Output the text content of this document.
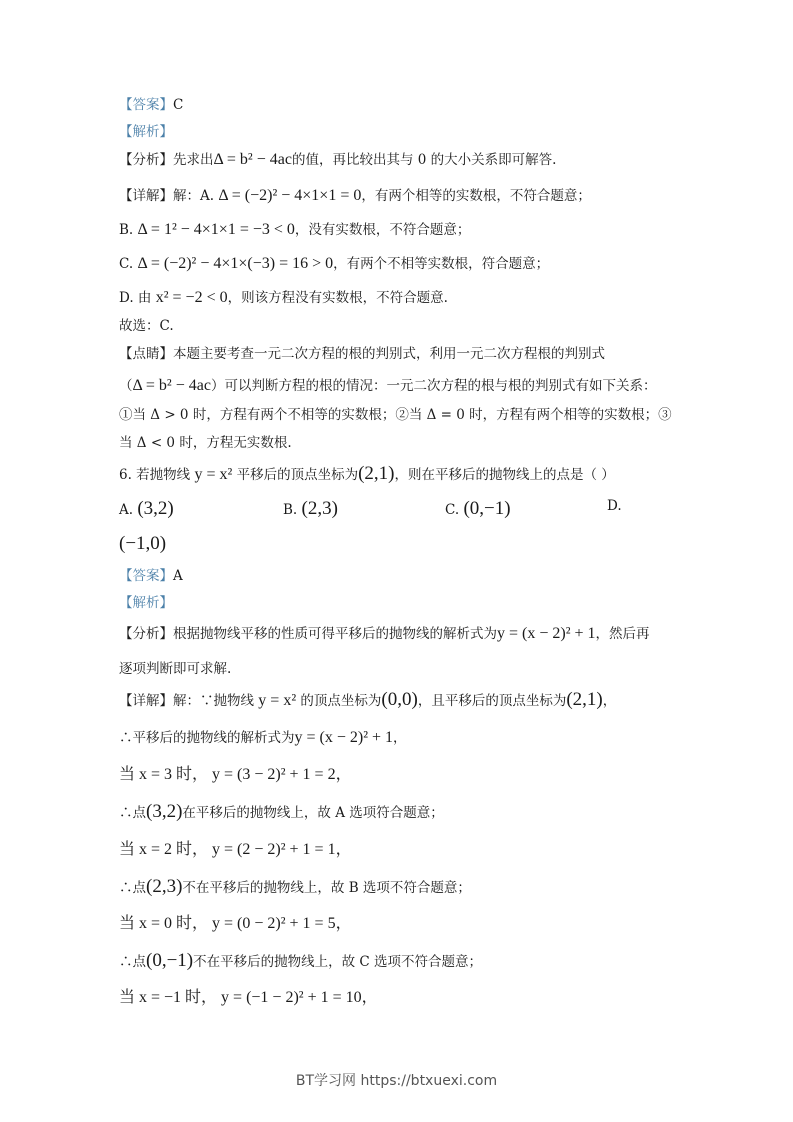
【答案】C
【解析】
【分析】先求出Δ = b² − 4ac的值，再比较出其与 0 的大小关系即可解答.
【详解】解：A. Δ = (−2)² − 4×1×1 = 0，有两个相等的实数根，不符合题意；
B. Δ = 1² − 4×1×1 = −3 < 0，没有实数根，不符合题意；
C. Δ = (−2)² − 4×1×(−3) = 16 > 0，有两个不相等实数根，符合题意；
D. 由 x² = −2 < 0，则该方程没有实数根，不符合题意.
故选：C.
【点睛】本题主要考查一元二次方程的根的判别式，利用一元二次方程根的判别式
（Δ = b² − 4ac）可以判断方程的根的情况：一元二次方程的根与根的判别式有如下关系：
①当 Δ > 0 时，方程有两个不相等的实数根；②当 Δ = 0 时，方程有两个相等的实数根；③
当 Δ < 0 时，方程无实数根.
6. 若抛物线 y = x² 平移后的顶点坐标为(2,1)，则在平移后的抛物线上的点是（ ）
A. (3,2)	B. (2,3)	C. (0,−1)	D.
(−1,0)
【答案】A
【解析】
【分析】根据抛物线平移的性质可得平移后的抛物线的解析式为y = (x − 2)² + 1，然后再
逐项判断即可求解.
【详解】解：∵抛物线 y = x² 的顶点坐标为(0,0)，且平移后的顶点坐标为(2,1)，
∴平移后的抛物线的解析式为y = (x − 2)² + 1，
当 x = 3 时， y = (3 − 2)² + 1 = 2，
∴点(3,2)在平移后的抛物线上，故 A 选项符合题意；
当 x = 2 时， y = (2 − 2)² + 1 = 1，
∴点(2,3)不在平移后的抛物线上，故 B 选项不符合题意；
当 x = 0 时， y = (0 − 2)² + 1 = 5，
∴点(0,−1)不在平移后的抛物线上，故 C 选项不符合题意；
当 x = −1 时， y = (−1 − 2)² + 1 = 10，
BT学习网 https://btxuexi.com
